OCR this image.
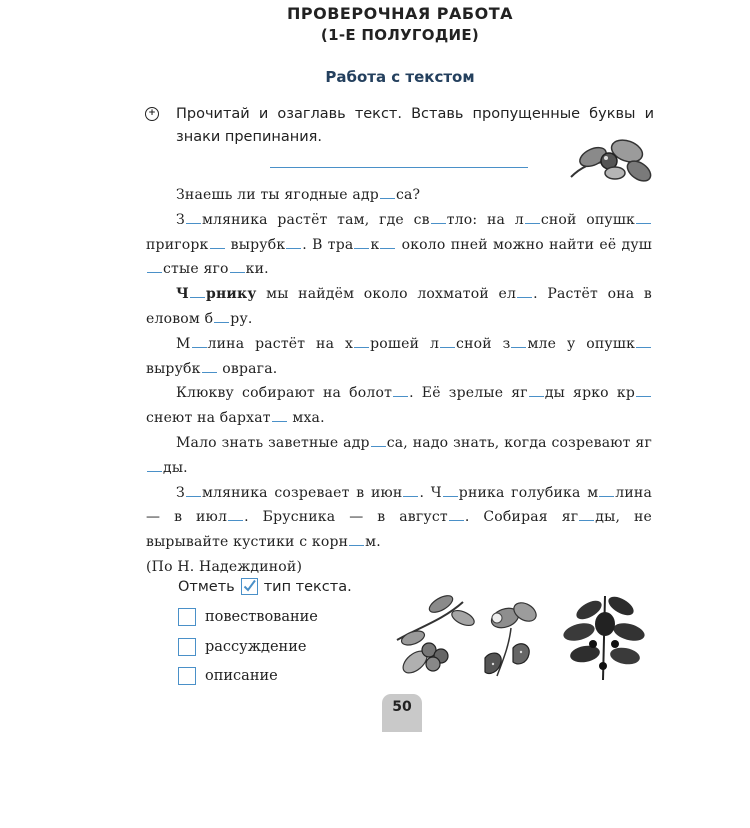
ПРОВЕРОЧНАЯ РАБОТА
(1-Е ПОЛУГОДИЕ)
Работа с текстом
+ Прочитай и озаглавь текст. Вставь пропущенные буквы и знаки препинания.

Знаешь ли ты ягодные адр са?

З мляника растёт там, где св тло: на л сной опушк пригорк вырубк . В тра к около пней можно найти её душстые яго ки.

Ч рнику мы найдём около лохматой ел . Растёт она в еловом б ру.

М лина растёт на х рошей л сной з мле у опушк вырубк оврага.

Клюкву собирают на болот . Её зрелые яг ды ярко крснеют на бархат мха.

Мало знать заветные адр са, надо знать, когда созревают ягды.

З мляника созревает в июн . Ч рника голубика м лина — в июл . Брусника — в август . Собирая яг ды, не вырывайте кустики с корн м.

(По Н. Надеждиной)

Отметь тип текста.
повествование
рассуждение
описание
50
